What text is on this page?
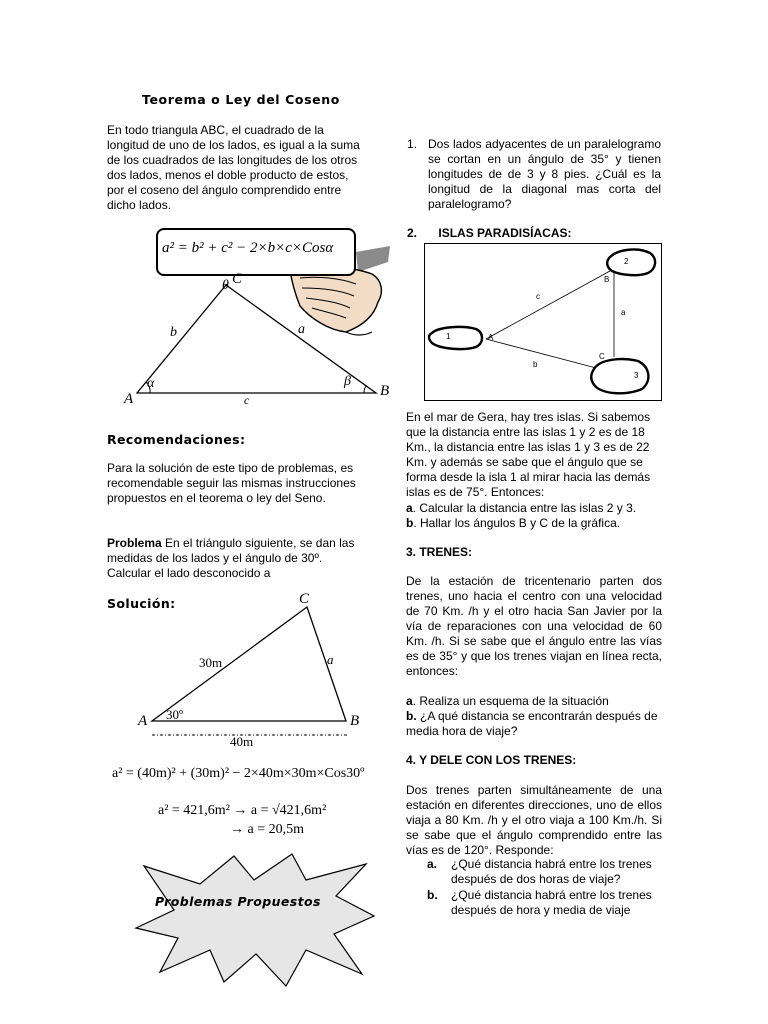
Teorema o Ley del Coseno
En todo triangula ABC, el cuadrado de la longitud de uno de los lados, es igual a la suma de los cuadrados de las longitudes de los otros dos lados, menos el doble producto de estos, por el coseno del ángulo comprendido entre dicho lados.
a² = b² + c² − 2×b×c×Cosα
A	B
C
θ
b	a
c
α	β
Recomendaciones:
Para la solución de este tipo de problemas, es recomendable seguir las mismas instrucciones propuestos en el teorema o ley del Seno.
Problema En el triángulo siguiente, se dan las medidas de los lados y el ángulo de 30º. Calcular el lado desconocido a
Solución:
A	B
C
30m	a
30º
40m
a² = (40m)² + (30m)² − 2×40m×30m×Cos30º
a² = 421,6m² → a = √421,6m²
→ a = 20,5m
Problemas Propuestos
1. Dos lados adyacentes de un paralelogramo se cortan en un ángulo de 35° y tienen longitudes de de 3 y 8 pies. ¿Cuál es la longitud de la diagonal mas corta del paralelogramo?
2. ISLAS PARADISÍACAS:
1
2
3
A
B
C
a
b
c
En el mar de Gera, hay tres islas. Si sabemos que la distancia entre las islas 1 y 2 es de 18 Km., la distancia entre las islas 1 y 3 es de 22 Km. y además se sabe que el ángulo que se forma desde la isla 1 al mirar hacia las demás islas es de 75°. Entonces:
a. Calcular la distancia entre las islas 2 y 3.
b. Hallar los ángulos B y C de la gráfica.
3. TRENES:
De la estación de tricentenario parten dos trenes, uno hacia el centro con una velocidad de 70 Km. /h y el otro hacia San Javier por la vía de reparaciones con una velocidad de 60 Km. /h. Si se sabe que el ángulo entre las vías es de 35° y que los trenes viajan en línea recta, entonces:
a. Realiza un esquema de la situación
b. ¿A qué distancia se encontrarán después de media hora de viaje?
4. Y DELE CON LOS TRENES:
Dos trenes parten simultáneamente de una estación en diferentes direcciones, uno de ellos viaja a 80 Km. /h y el otro viaja a 100 Km./h. Si se sabe que el ángulo comprendido entre las vías es de 120°. Responde:
a.	¿Qué distancia habrá entre los trenes después de dos horas de viaje?
b.	¿Qué distancia habrá entre los trenes después de hora y media de viaje
